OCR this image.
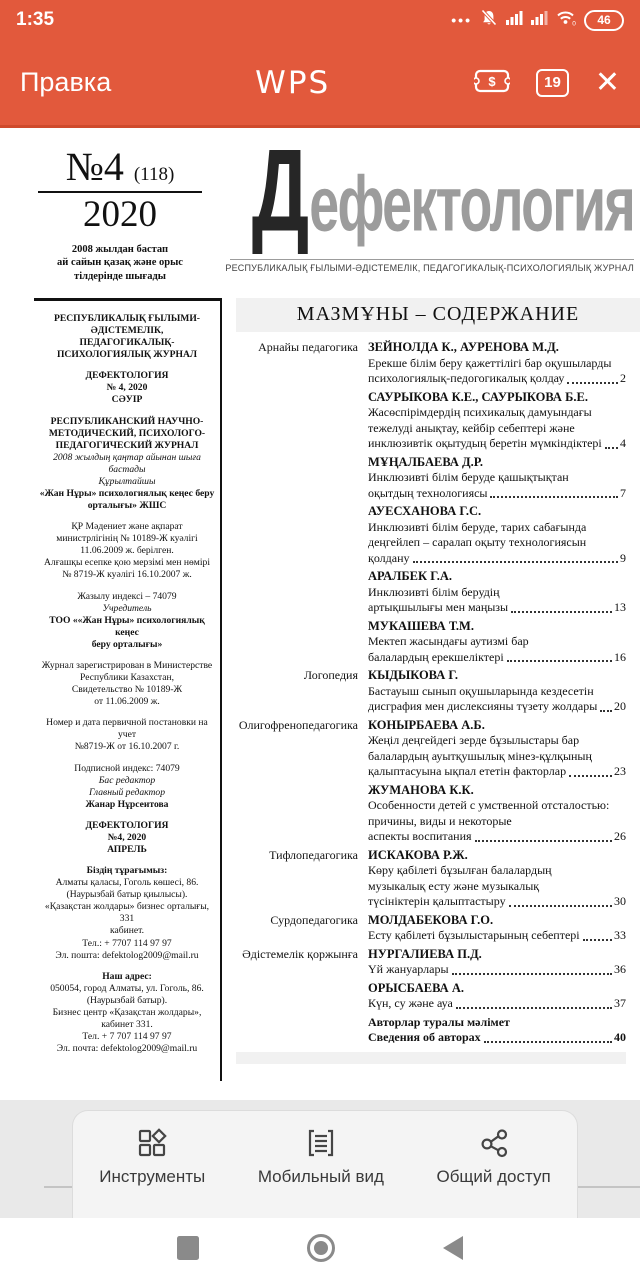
1:35	•••	0	46
Правка	WPS	$	19 ✕
№4 (118)
2020
2008 жылдан бастап
ай сайын қазақ және орыс
тілдерінде шығады
Дефектология
РЕСПУБЛИКАЛЫҚ ҒЫЛЫМИ-ӘДІСТЕМЕЛІК, ПЕДАГОГИКАЛЫҚ-ПСИХОЛОГИЯЛЫҚ ЖУРНАЛ
РЕСПУБЛИКАЛЫҚ ҒЫЛЫМИ-
ӘДІСТЕМЕЛІК,
ПЕДАГОГИКАЛЫҚ-
ПСИХОЛОГИЯЛЫҚ ЖУРНАЛ
ДЕФЕКТОЛОГИЯ
№ 4, 2020
СӘУІР
РЕСПУБЛИКАНСКИЙ НАУЧНО-
МЕТОДИЧЕСКИЙ, ПСИХОЛОГО-
ПЕДАГОГИЧЕСКИЙ ЖУРНАЛ
2008 жылдың қаңтар айынан шыға
бастады
Құрылтайшы
«Жан Нұры» психологиялық кеңес беру
орталығы» ЖШС
ҚР Мәдениет және ақпарат
министрлігінің № 10189-Ж куәлігі
11.06.2009 ж. берілген.
Алғашқы есепке қою мерзімі мен нөмірі
№ 8719-Ж куәлігі 16.10.2007 ж.
Жазылу индексі – 74079
Учредитель
ТОО ««Жан Нұры» психологиялық кеңес
беру орталығы»
Журнал зарегистрирован в Министерстве
Республики Казахстан,
Свидетельство № 10189-Ж
от 11.06.2009 ж.
Номер и дата первичной постановки на учет
№8719-Ж от 16.10.2007 г.
Подписной индекс: 74079
Бас редактор
Главный редактор
Жанар Нұрсеитова
ДЕФЕКТОЛОГИЯ
№4, 2020
АПРЕЛЬ
Біздің тұрағымыз:
Алматы қаласы, Гоголь көшесі, 86.
(Наурызбай батыр қиылысы).
«Қазақстан жолдары» бизнес орталығы, 331
кабинет.
Тел.: + 7707 114 97 97
Эл. пошта: defektolog2009@mail.ru
Наш адрес:
050054, город Алматы, ул. Гоголь, 86.
(Наурызбай батыр).
Бизнес центр «Қазақстан жолдары»,
кабинет 331.
Тел. + 7 707 114 97 97
Эл. почта: defektolog2009@mail.ru
МАЗМҰНЫ – СОДЕРЖАНИЕ
Арнайы педагогика ЗЕЙНОЛДА К., АУРЕНОВА М.Д.
Ерекше білім беру қажеттілігі бар оқушыларды
психологиялық-педогогикалық қолдау	2
САУРЫКОВА К.Е., САУРЫКОВА Б.Е.
Жасөспірімдердің психикалық дамуындағы
тежелуді анықтау, кейбір себептері және
инклюзивтік оқытудың беретін мүмкіндіктері 4
МҰҢАЛБАЕВА Д.Р.
Инклюзивті білім беруде қашықтықтан
оқытдың технологиясы	7
АУЕСХАНОВА Г.С.
Инклюзивті білім беруде, тарих сабағында
деңгейлеп – саралап оқыту технологиясын
қолдану	9
АРАЛБЕК Г.А.
Инклюзивті білім берудің
артықшылығы мен маңызы	13
МУКАШЕВА Т.М.
Мектеп жасындағы аутизмі бар
балалардың ерекшеліктері	16
Логопедия КЫДЫКОВА Г.
Бастауыш сынып оқушыларында кездесетін
дисграфия мен дислексияны түзету жолдары 20
Олигофренопедагогика КОНЫРБАЕВА А.Б.
Жеңіл деңгейдегі зерде бұзылыстары бар
балалардың ауытқушылық мінез-құлқының
қалыптасуына ықпал ететін факторлар	23
ЖУМАНОВА К.К.
Особенности детей с умственной отсталостью:
причины, виды и некоторые
аспекты воспитания	26
Тифлопедагогика ИСКАКОВА Р.Ж.
Көру қабілеті бұзылған балалардың
музыкалық есту және музыкалық
түсініктерін қалыптастыру	30
Сурдопедагогика МОЛДАБЕКОВА Г.О.
Есту қабілеті бұзылыстарының себептері	33
Әдістемелік қоржынға НУРГАЛИЕВА П.Д.
Үй жануарлары	36
ОРЫСБАЕВА А.
Күн, су және ауа	37
Авторлар туралы мәлімет
Сведения об авторах	40
Инструменты	Мобильный вид	Общий доступ
